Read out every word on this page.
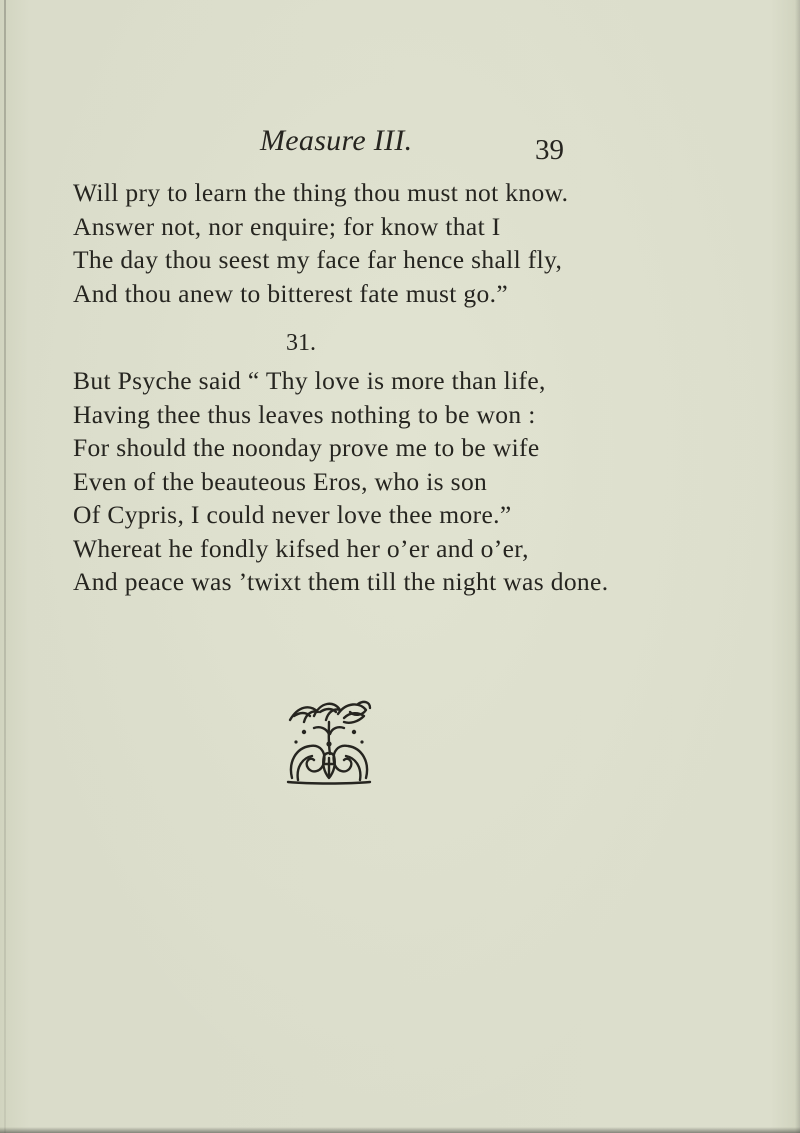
Measure III.	39
Will pry to learn the thing thou must not know.
Answer not, nor enquire; for know that I
The day thou seest my face far hence shall fly,
And thou anew to bitterest fate must go.”
31.
But Psyche said “ Thy love is more than life,
Having thee thus leaves nothing to be won :
For should the noonday prove me to be wife
Even of the beauteous Eros, who is son
Of Cypris, I could never love thee more.”
Whereat he fondly kifsed her o’er and o’er,
And peace was ’twixt them till the night was done.
